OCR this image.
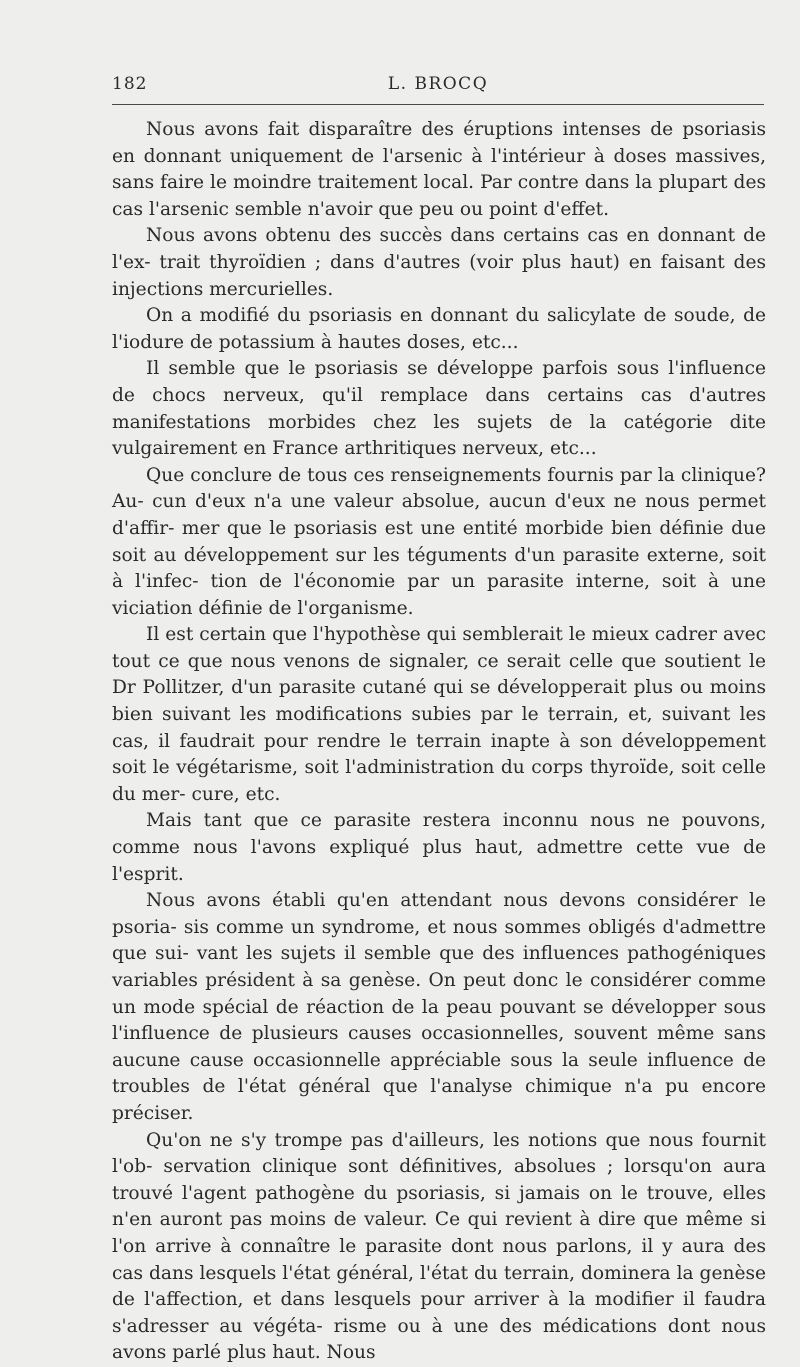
182	L. BROCQ

Nous avons fait disparaître des éruptions intenses de psoriasis en donnant uniquement de l'arsenic à l'intérieur à doses massives, sans faire le moindre traitement local. Par contre dans la plupart des cas l'arsenic semble n'avoir que peu ou point d'effet.

Nous avons obtenu des succès dans certains cas en donnant de l'ex- trait thyroïdien ; dans d'autres (voir plus haut) en faisant des injections mercurielles.

On a modifié du psoriasis en donnant du salicylate de soude, de l'iodure de potassium à hautes doses, etc...

Il semble que le psoriasis se développe parfois sous l'influence de chocs nerveux, qu'il remplace dans certains cas d'autres manifestations morbides chez les sujets de la catégorie dite vulgairement en France arthritiques nerveux, etc...

Que conclure de tous ces renseignements fournis par la clinique? Au- cun d'eux n'a une valeur absolue, aucun d'eux ne nous permet d'affir- mer que le psoriasis est une entité morbide bien définie due soit au développement sur les téguments d'un parasite externe, soit à l'infec- tion de l'économie par un parasite interne, soit à une viciation définie de l'organisme.

Il est certain que l'hypothèse qui semblerait le mieux cadrer avec tout ce que nous venons de signaler, ce serait celle que soutient le Dr Pollitzer, d'un parasite cutané qui se développerait plus ou moins bien suivant les modifications subies par le terrain, et, suivant les cas, il faudrait pour rendre le terrain inapte à son développement soit le végétarisme, soit l'administration du corps thyroïde, soit celle du mer- cure, etc.

Mais tant que ce parasite restera inconnu nous ne pouvons, comme nous l'avons expliqué plus haut, admettre cette vue de l'esprit.

Nous avons établi qu'en attendant nous devons considérer le psoria- sis comme un syndrome, et nous sommes obligés d'admettre que sui- vant les sujets il semble que des influences pathogéniques variables président à sa genèse. On peut donc le considérer comme un mode spécial de réaction de la peau pouvant se développer sous l'influence de plusieurs causes occasionnelles, souvent même sans aucune cause occasionnelle appréciable sous la seule influence de troubles de l'état général que l'analyse chimique n'a pu encore préciser.

Qu'on ne s'y trompe pas d'ailleurs, les notions que nous fournit l'ob- servation clinique sont définitives, absolues ; lorsqu'on aura trouvé l'agent pathogène du psoriasis, si jamais on le trouve, elles n'en auront pas moins de valeur. Ce qui revient à dire que même si l'on arrive à connaître le parasite dont nous parlons, il y aura des cas dans lesquels l'état général, l'état du terrain, dominera la genèse de l'affection, et dans lesquels pour arriver à la modifier il faudra s'adresser au végéta- risme ou à une des médications dont nous avons parlé plus haut. Nous
